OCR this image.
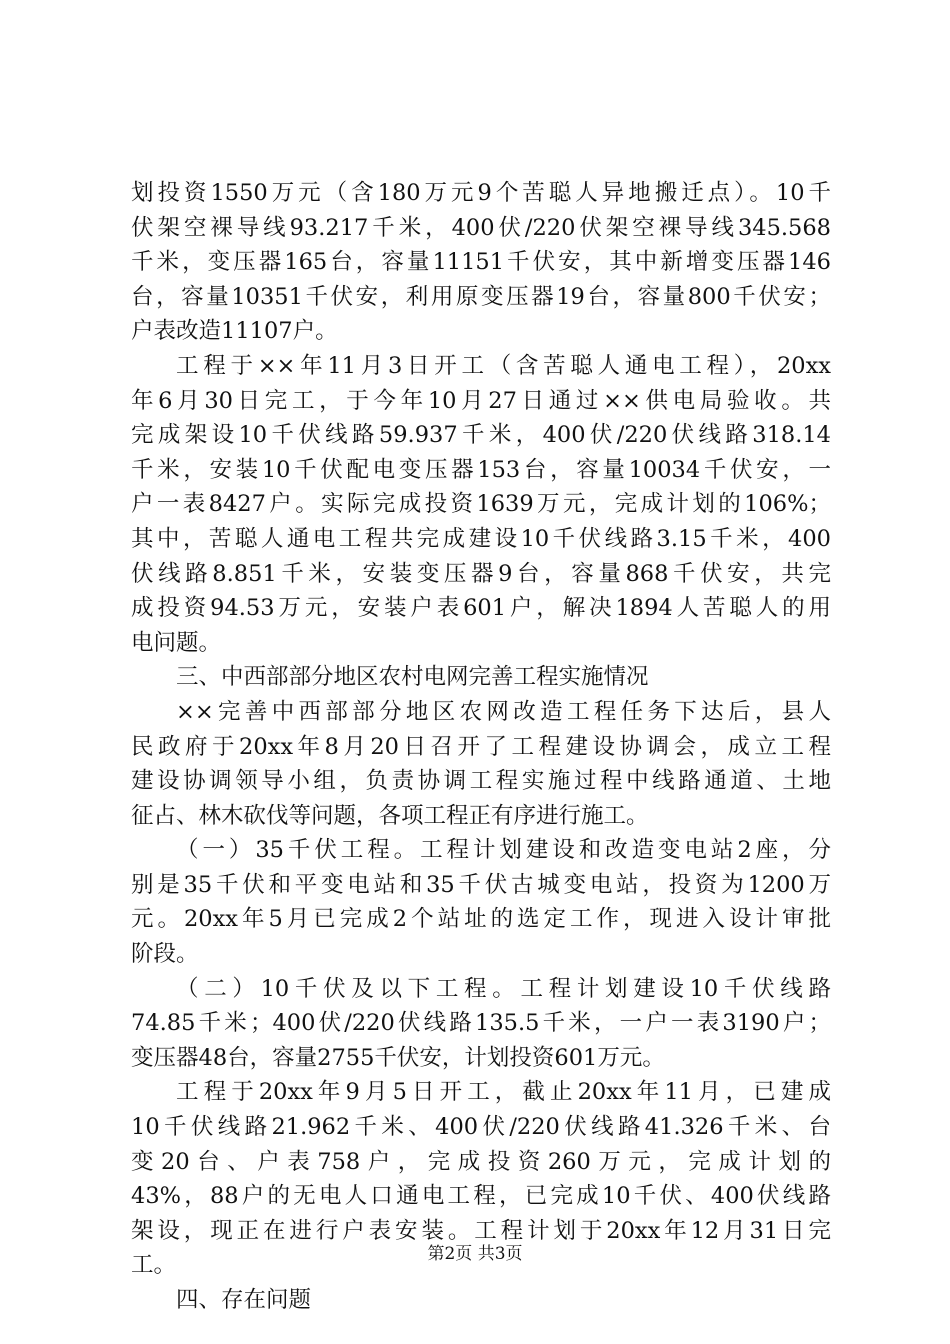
划投资1550万元（含180万元9个苦聪人异地搬迁点）。10千
伏架空裸导线93.217千米，400伏/220伏架空裸导线345.568
千米，变压器165台，容量11151千伏安，其中新增变压器146
台，容量10351千伏安，利用原变压器19台，容量800千伏安；
户表改造11107户。
工程于××年11月3日开工（含苦聪人通电工程），20xx
年6月30日完工，于今年10月27日通过××供电局验收。共
完成架设10千伏线路59.937千米，400伏/220伏线路318.14
千米，安装10千伏配电变压器153台，容量10034千伏安，一
户一表8427户。实际完成投资1639万元，完成计划的106%；
其中，苦聪人通电工程共完成建设10千伏线路3.15千米，400
伏线路8.851千米，安装变压器9台，容量868千伏安，共完
成投资94.53万元，安装户表601户，解决1894人苦聪人的用
电问题。
三、中西部部分地区农村电网完善工程实施情况
××完善中西部部分地区农网改造工程任务下达后，县人
民政府于20xx年8月20日召开了工程建设协调会，成立工程
建设协调领导小组，负责协调工程实施过程中线路通道、土地
征占、林木砍伐等问题，各项工程正有序进行施工。
（一）35千伏工程。工程计划建设和改造变电站2座，分
别是35千伏和平变电站和35千伏古城变电站，投资为1200万
元。20xx年5月已完成2个站址的选定工作，现进入设计审批
阶段。
（二）10千伏及以下工程。工程计划建设10千伏线路
74.85千米；400伏/220伏线路135.5千米，一户一表3190户；
变压器48台，容量2755千伏安，计划投资601万元。
工程于20xx年9月5日开工，截止20xx年11月，已建成
10千伏线路21.962千米、400伏/220伏线路41.326千米、台
变20台、户表758户，完成投资260万元，完成计划的
43%，88户的无电人口通电工程，已完成10千伏、400伏线路
架设，现正在进行户表安装。工程计划于20xx年12月31日完
工。
四、存在问题
第2页 共3页
